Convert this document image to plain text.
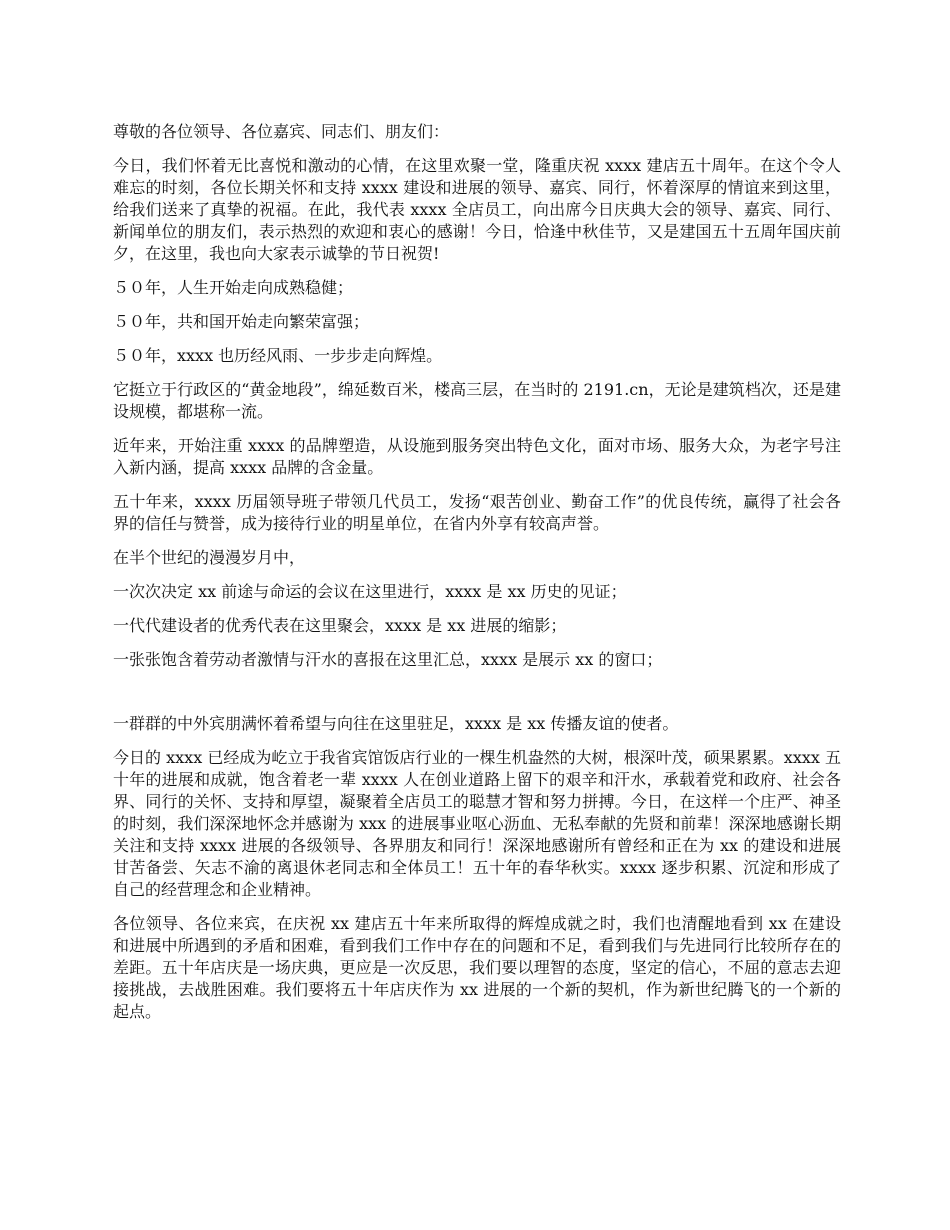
尊敬的各位领导、各位嘉宾、同志们、朋友们：

今日，我们怀着无比喜悦和激动的心情，在这里欢聚一堂，隆重庆祝 xxxx 建店五十周年。在这个令人难忘的时刻，各位长期关怀和支持 xxxx 建设和进展的领导、嘉宾、同行，怀着深厚的情谊来到这里，给我们送来了真挚的祝福。在此，我代表 xxxx 全店员工，向出席今日庆典大会的领导、嘉宾、同行、新闻单位的朋友们，表示热烈的欢迎和衷心的感谢！今日，恰逢中秋佳节，又是建国五十五周年国庆前夕，在这里，我也向大家表示诚挚的节日祝贺!

５０年，人生开始走向成熟稳健；

５０年，共和国开始走向繁荣富强；

５０年，xxxx 也历经风雨、一步步走向辉煌。

它挺立于行政区的“黄金地段”，绵延数百米，楼高三层，在当时的 2191.cn，无论是建筑档次，还是建设规模，都堪称一流。

近年来，开始注重 xxxx 的品牌塑造，从设施到服务突出特色文化，面对市场、服务大众，为老字号注入新内涵，提高 xxxx 品牌的含金量。

五十年来，xxxx 历届领导班子带领几代员工，发扬“艰苦创业、勤奋工作”的优良传统，赢得了社会各界的信任与赞誉，成为接待行业的明星单位，在省内外享有较高声誉。

在半个世纪的漫漫岁月中，

一次次决定 xx 前途与命运的会议在这里进行，xxxx 是 xx 历史的见证；

一代代建设者的优秀代表在这里聚会，xxxx 是 xx 进展的缩影；

一张张饱含着劳动者激情与汗水的喜报在这里汇总，xxxx 是展示 xx 的窗口；

一群群的中外宾朋满怀着希望与向往在这里驻足，xxxx 是 xx 传播友谊的使者。

今日的 xxxx 已经成为屹立于我省宾馆饭店行业的一棵生机盎然的大树，根深叶茂，硕果累累。xxxx 五十年的进展和成就，饱含着老一辈 xxxx 人在创业道路上留下的艰辛和汗水，承载着党和政府、社会各界、同行的关怀、支持和厚望，凝聚着全店员工的聪慧才智和努力拼搏。今日，在这样一个庄严、神圣的时刻，我们深深地怀念并感谢为 xxx 的进展事业呕心沥血、无私奉献的先贤和前辈！深深地感谢长期关注和支持 xxxx 进展的各级领导、各界朋友和同行！深深地感谢所有曾经和正在为 xx 的建设和进展甘苦备尝、矢志不渝的离退休老同志和全体员工！五十年的春华秋实。xxxx 逐步积累、沉淀和形成了自己的经营理念和企业精神。

各位领导、各位来宾，在庆祝 xx 建店五十年来所取得的辉煌成就之时，我们也清醒地看到 xx 在建设和进展中所遇到的矛盾和困难，看到我们工作中存在的问题和不足，看到我们与先进同行比较所存在的差距。五十年店庆是一场庆典，更应是一次反思，我们要以理智的态度，坚定的信心，不屈的意志去迎接挑战，去战胜困难。我们要将五十年店庆作为 xx 进展的一个新的契机，作为新世纪腾飞的一个新的起点。
